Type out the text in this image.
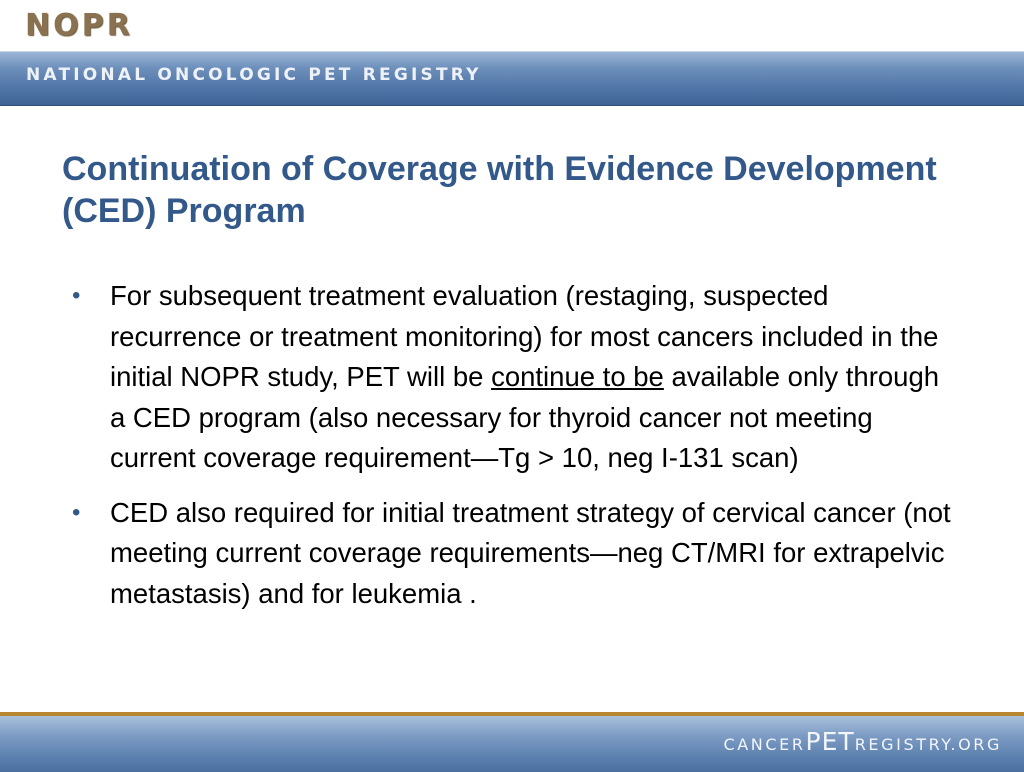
NOPR
NATIONAL ONCOLOGIC PET REGISTRY
Continuation of Coverage with Evidence Development (CED) Program
• For subsequent treatment evaluation (restaging, suspected recurrence or treatment monitoring) for most cancers included in the initial NOPR study, PET will be continue to be available only through a CED program (also necessary for thyroid cancer not meeting current coverage requirement—Tg > 10, neg I-131 scan)
• CED also required for initial treatment strategy of cervical cancer (not meeting current coverage requirements—neg CT/MRI for extrapelvic metastasis) and for leukemia .
CANCERPETREGISTRY.ORG
